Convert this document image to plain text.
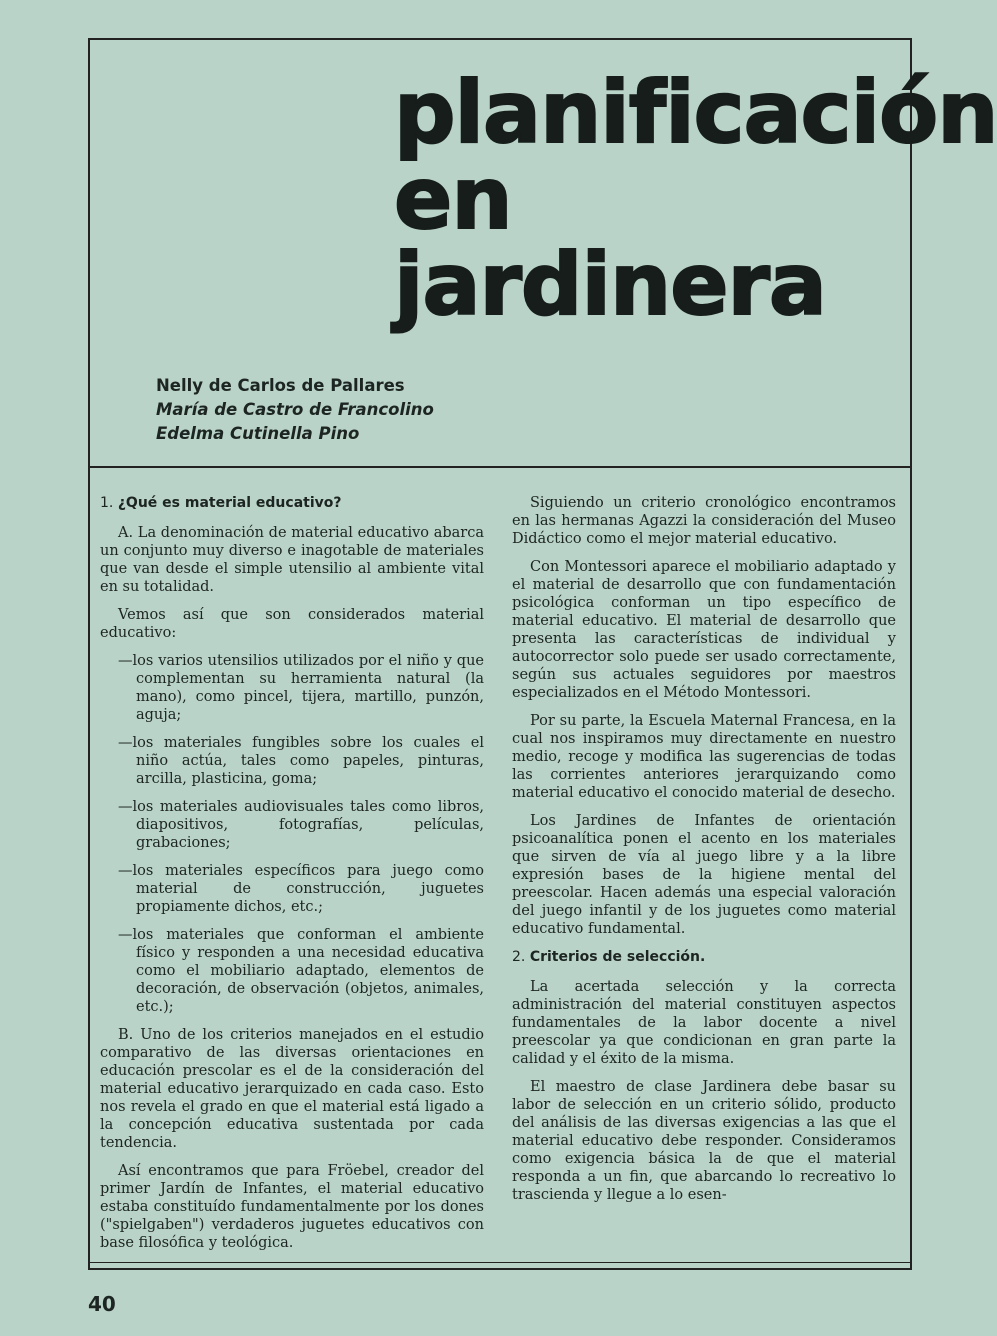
planificación
en
jardinera
Nelly de Carlos de Pallares
María de Castro de Francolino
Edelma Cutinella Pino
1. ¿Qué es material educativo?

A. La denominación de material educativo abarca un conjunto muy diverso e inagotable de materiales que van desde el simple utensilio al ambiente vital en su totalidad.

Vemos así que son considerados material educativo:

—los varios utensilios utilizados por el niño y que complementan su herramienta natural (la mano), como pincel, tijera, martillo, punzón, aguja;
—los materiales fungibles sobre los cuales el niño actúa, tales como papeles, pinturas, arcilla, plasticina, goma;
—los materiales audiovisuales tales como libros, diapositivos, fotografías, películas, grabaciones;
—los materiales específicos para juego como material de construcción, juguetes propiamente dichos, etc.;
—los materiales que conforman el ambiente físico y responden a una necesidad educativa como el mobiliario adaptado, elementos de decoración, de observación (objetos, animales, etc.);

B. Uno de los criterios manejados en el estudio comparativo de las diversas orientaciones en educación prescolar es el de la consideración del material educativo jerarquizado en cada caso. Esto nos revela el grado en que el material está ligado a la concepción educativa sustentada por cada tendencia.

Así encontramos que para Fröebel, creador del primer Jardín de Infantes, el material educativo estaba constituído fundamentalmente por los dones ("spielgaben") verdaderos juguetes educativos con base filosófica y teológica.

Siguiendo un criterio cronológico encontramos en las hermanas Agazzi la consideración del Museo Didáctico como el mejor material educativo.

Con Montessori aparece el mobiliario adaptado y el material de desarrollo que con fundamentación psicológica conforman un tipo específico de material educativo. El material de desarrollo que presenta las características de individual y autocorrector solo puede ser usado correctamente, según sus actuales seguidores por maestros especializados en el Método Montessori.

Por su parte, la Escuela Maternal Francesa, en la cual nos inspiramos muy directamente en nuestro medio, recoge y modifica las sugerencias de todas las corrientes anteriores jerarquizando como material educativo el conocido material de desecho.

Los Jardines de Infantes de orientación psicoanalítica ponen el acento en los materiales que sirven de vía al juego libre y a la libre expresión bases de la higiene mental del preescolar. Hacen además una especial valoración del juego infantil y de los juguetes como material educativo fundamental.

2. Criterios de selección.

La acertada selección y la correcta administración del material constituyen aspectos fundamentales de la labor docente a nivel preescolar ya que condicionan en gran parte la calidad y el éxito de la misma.

El maestro de clase Jardinera debe basar su labor de selección en un criterio sólido, producto del análisis de las diversas exigencias a las que el material educativo debe responder. Consideramos como exigencia básica la de que el material responda a un fin, que abarcando lo recreativo lo trascienda y llegue a lo esen-

40
